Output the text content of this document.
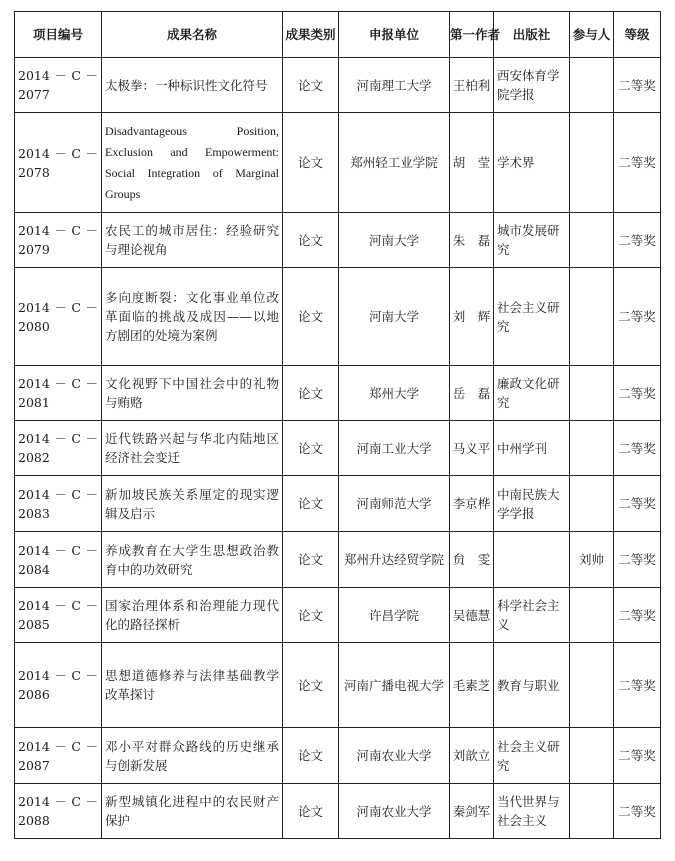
项目编号	成果名称	成果类别	申报单位	第一作者	出版社	参与人	等级
2014 － C －2077	太极拳：一种标识性文化符号	论文	河南理工大学	王柏利	西安体育学院学报		二等奖
2014 － C －2078	Disadvantageous Position, Exclusion and Empowerment: Social Integration of Marginal Groups	论文	郑州轻工业学院	胡　莹	学术界		二等奖
2014 － C －2079	农民工的城市居住：经验研究与理论视角	论文	河南大学	朱　磊	城市发展研究		二等奖
2014 － C －2080	多向度断裂：文化事业单位改革面临的挑战及成因——以地方剧团的处境为案例	论文	河南大学	刘　辉	社会主义研究		二等奖
2014 － C －2081	文化视野下中国社会中的礼物与贿赂	论文	郑州大学	岳　磊	廉政文化研究		二等奖
2014 － C －2082	近代铁路兴起与华北内陆地区经济社会变迁	论文	河南工业大学	马义平	中州学刊		二等奖
2014 － C －2083	新加坡民族关系厘定的现实逻辑及启示	论文	河南师范大学	李京桦	中南民族大学学报		二等奖
2014 － C －2084	养成教育在大学生思想政治教育中的功效研究	论文	郑州升达经贸学院	贠　雯		刘帅	二等奖
2014 － C －2085	国家治理体系和治理能力现代化的路径探析	论文	许昌学院	吴德慧	科学社会主义		二等奖
2014 － C －2086	思想道德修养与法律基础教学改革探讨	论文	河南广播电视大学	毛素芝	教育与职业		二等奖
2014 － C －2087	邓小平对群众路线的历史继承与创新发展	论文	河南农业大学	刘歆立	社会主义研究		二等奖
2014 － C －2088	新型城镇化进程中的农民财产保护	论文	河南农业大学	秦剑军	当代世界与社会主义		二等奖
